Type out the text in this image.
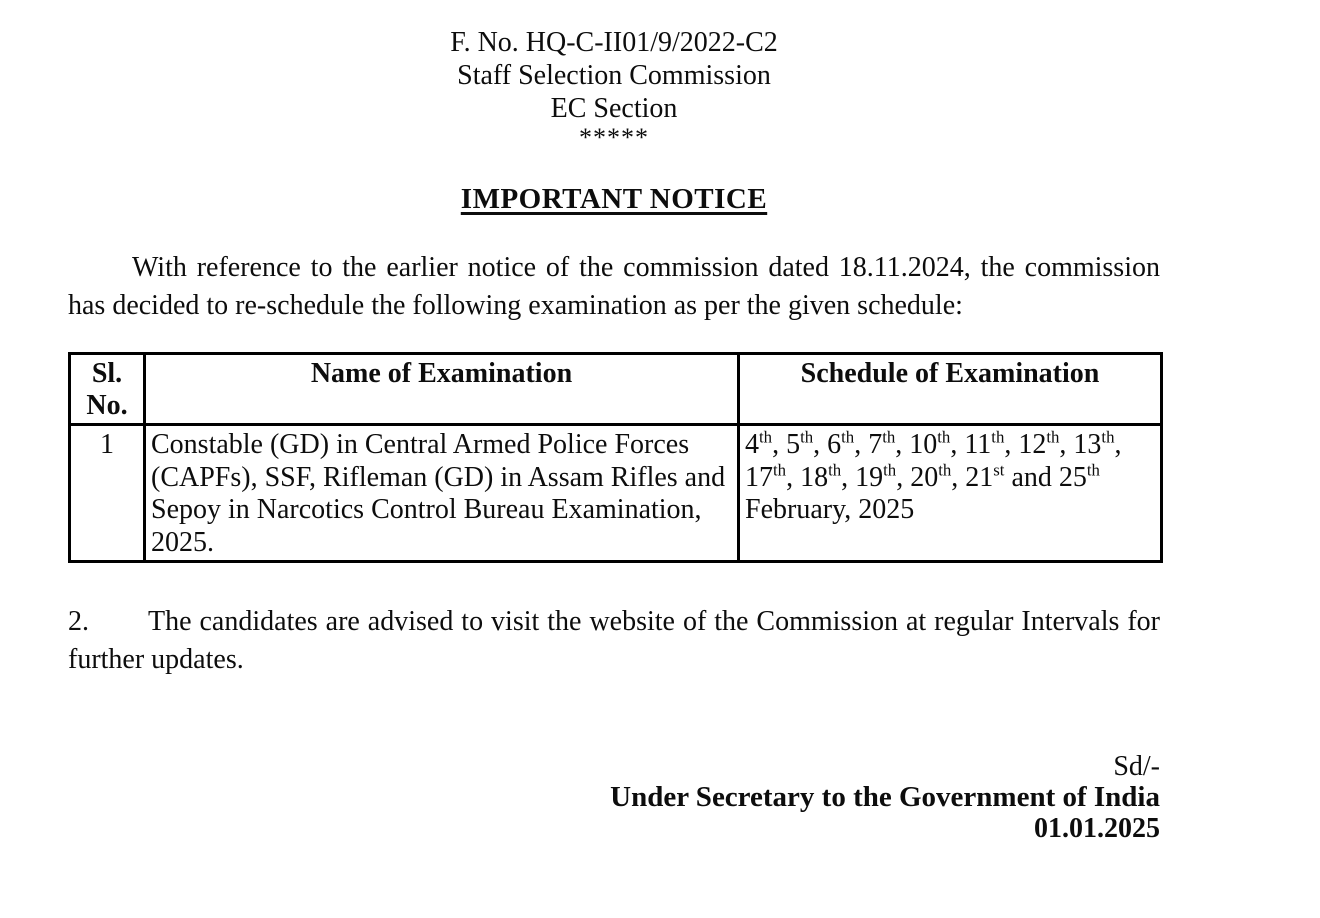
F. No. HQ-C-II01/9/2022-C2
Staff Selection Commission
EC Section
*****
IMPORTANT NOTICE
With reference to the earlier notice of the commission dated 18.11.2024, the commission has decided to re-schedule the following examination as per the given schedule:
Sl. No.	Name of Examination	Schedule of Examination
1	Constable (GD) in Central Armed Police Forces (CAPFs), SSF, Rifleman (GD) in Assam Rifles and Sepoy in Narcotics Control Bureau Examination, 2025.	4th, 5th, 6th, 7th, 10th, 11th, 12th, 13th, 17th, 18th, 19th, 20th, 21st and 25th February, 2025
2. The candidates are advised to visit the website of the Commission at regular Intervals for further updates.
Sd/-
Under Secretary to the Government of India
01.01.2025
